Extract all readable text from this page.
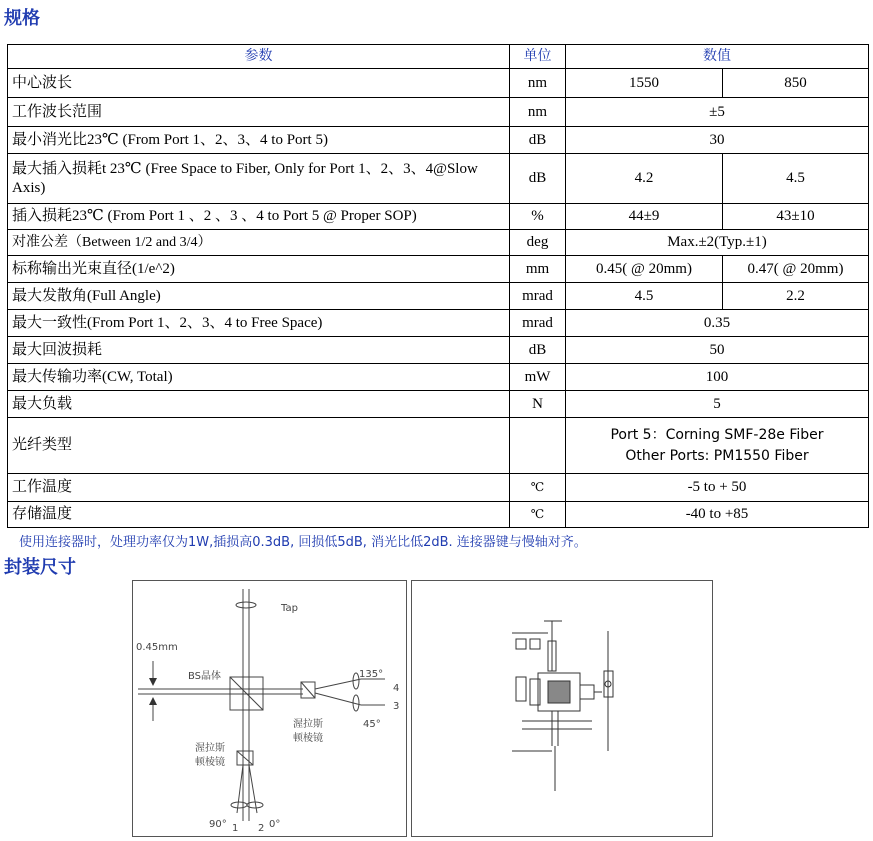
规格
参数	单位	数值	
中心波长	nm	1550	850
工作波长范围	nm	±5	
最小消光比23℃ (From Port 1、2、3、4 to Port 5)	dB	30	
最大插入损耗t 23℃ (Free Space to Fiber, Only for Port 1、2、3、4@Slow Axis)	dB	4.2	4.5
插入损耗23℃ (From Port 1 、2 、3 、4 to Port 5 @ Proper SOP)	%	44±9	43±10
对准公差（Between 1/2 and 3/4）	deg	Max.±2(Typ.±1)	
标称输出光束直径(1/e^2)	mm	0.45( @ 20mm)	0.47( @ 20mm)
最大发散角(Full Angle)	mrad	4.5	2.2
最大一致性(From Port 1、2、3、4 to Free Space)	mrad	0.35	
最大回波损耗	dB	50	
最大传输功率(CW, Total)	mW	100	
最大负载	N	5	
光纤类型		Port 5：Corning SMF-28e Fiber
Other Ports: PM1550 Fiber	

工作温度	℃	-5 to + 50	
存储温度	℃	-40 to +85	
使用连接器时，处理功率仅为1W,插损高0.3dB, 回损低5dB, 消光比低2dB. 连接器键与慢轴对齐。
封装尺寸
Tap
0.45mm
BS晶体	135°
45°
4
3
渥拉斯
顿棱镜
渥拉斯
顿棱镜
90° 1 2 0°
